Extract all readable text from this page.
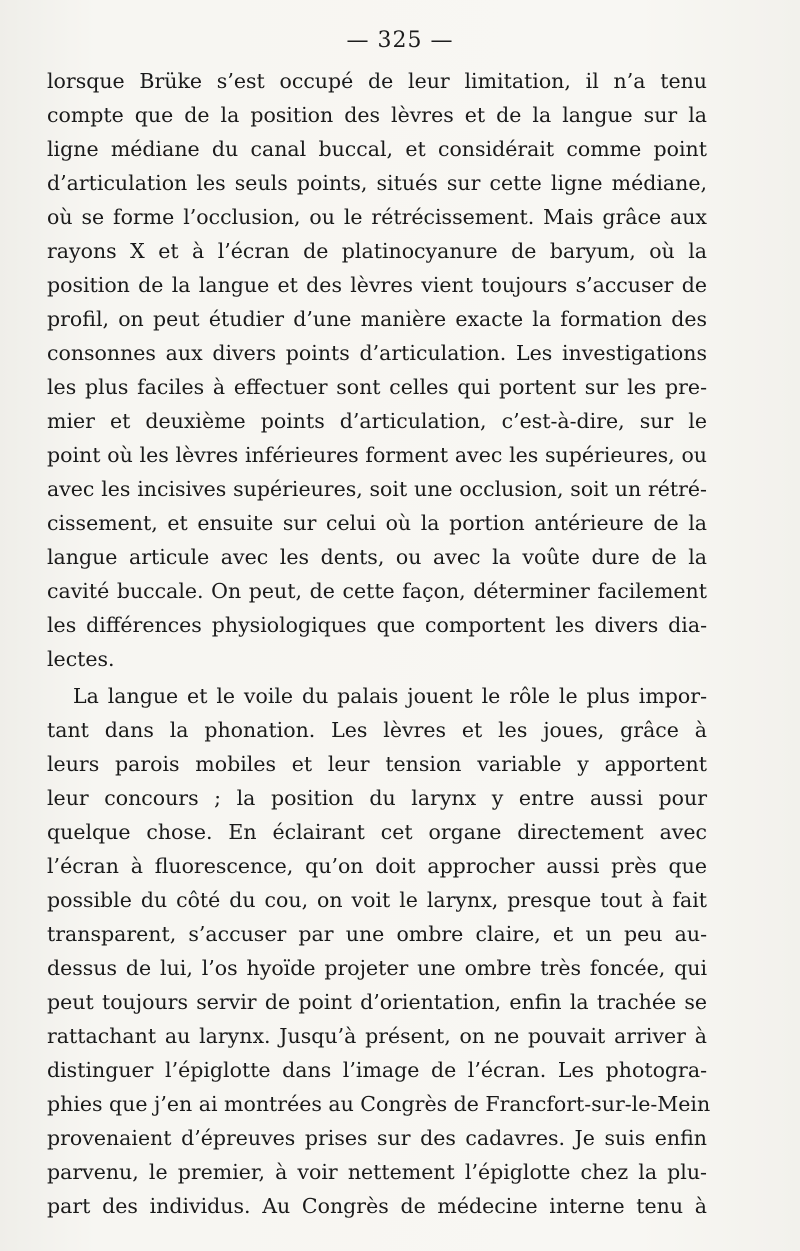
— 325 —
lorsque Brüke s’est occupé de leur limitation, il n’a tenu
compte que de la position des lèvres et de la langue sur la
ligne médiane du canal buccal, et considérait comme point
d’articulation les seuls points, situés sur cette ligne médiane,
où se forme l’occlusion, ou le rétrécissement. Mais grâce aux
rayons X et à l’écran de platinocyanure de baryum, où la
position de la langue et des lèvres vient toujours s’accuser de
profil, on peut étudier d’une manière exacte la formation des
consonnes aux divers points d’articulation. Les investigations
les plus faciles à effectuer sont celles qui portent sur les pre-
mier et deuxième points d’articulation, c’est-à-dire, sur le
point où les lèvres inférieures forment avec les supérieures, ou
avec les incisives supérieures, soit une occlusion, soit un rétré-
cissement, et ensuite sur celui où la portion antérieure de la
langue articule avec les dents, ou avec la voûte dure de la
cavité buccale. On peut, de cette façon, déterminer facilement
les différences physiologiques que comportent les divers dia-
lectes.
La langue et le voile du palais jouent le rôle le plus impor-
tant dans la phonation. Les lèvres et les joues, grâce à
leurs parois mobiles et leur tension variable y apportent
leur concours ; la position du larynx y entre aussi pour
quelque chose. En éclairant cet organe directement avec
l’écran à fluorescence, qu’on doit approcher aussi près que
possible du côté du cou, on voit le larynx, presque tout à fait
transparent, s’accuser par une ombre claire, et un peu au-
dessus de lui, l’os hyoïde projeter une ombre très foncée, qui
peut toujours servir de point d’orientation, enfin la trachée se
rattachant au larynx. Jusqu’à présent, on ne pouvait arriver à
distinguer l’épiglotte dans l’image de l’écran. Les photogra-
phies que j’en ai montrées au Congrès de Francfort-sur-le-Mein
provenaient d’épreuves prises sur des cadavres. Je suis enfin
parvenu, le premier, à voir nettement l’épiglotte chez la plu-
part des individus. Au Congrès de médecine interne tenu à
